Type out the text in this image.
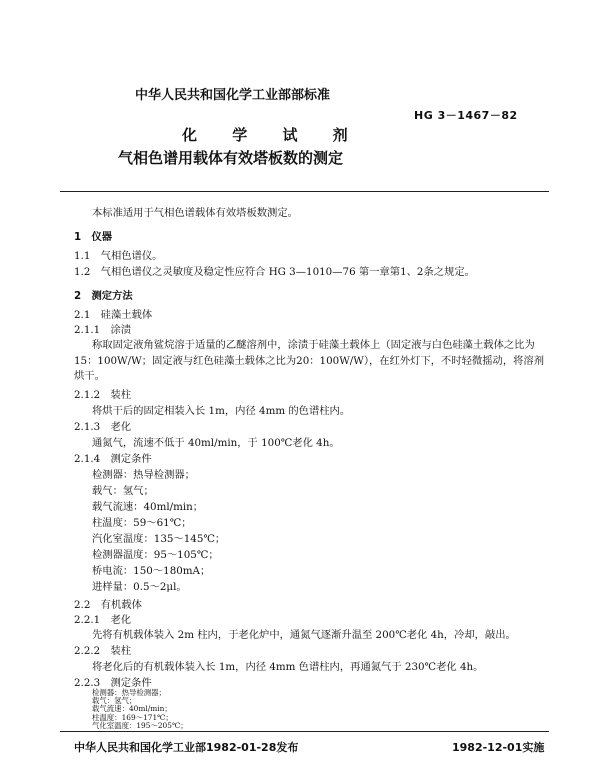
中华人民共和国化学工业部部标准
HG 3－1467－82
化 学 试 剂
气相色谱用载体有效塔板数的测定
本标准适用于气相色谱载体有效塔板数测定。
1　仪器
1.1　气相色谱仪。
1.2　气相色谱仪之灵敏度及稳定性应符合 HG 3—1010—76 第一章第1、2条之规定。
2　测定方法
2.1　硅藻土载体
2.1.1　涂渍
称取固定液角鲨烷溶于适量的乙醚溶剂中，涂渍于硅藻土载体上（固定液与白色硅藻土载体之比为15：100W/W；固定液与红色硅藻土载体之比为20：100W/W），在红外灯下，不时轻微摇动，将溶剂烘干。
2.1.2　装柱
将烘干后的固定相装入长 1m，内径 4mm 的色谱柱内。
2.1.3　老化
通氮气，流速不低于 40ml/min，于 100℃老化 4h。
2.1.4　测定条件
检测器：热导检测器；
载气：氢气；
载气流速：40ml/min；
柱温度：59～61℃；
汽化室温度：135～145℃；
检测器温度：95～105℃；
桥电流：150～180mA；
进样量：0.5～2μl。
2.2　有机载体
2.2.1　老化
先将有机载体装入 2m 柱内，于老化炉中，通氮气逐渐升温至 200℃老化 4h，冷却，敲出。
2.2.2　装柱
将老化后的有机载体装入长 1m，内径 4mm 色谱柱内，再通氮气于 230℃老化 4h。
2.2.3　测定条件
中华人民共和国化学工业部1982-01-28发布	1982-12-01实施
检测器：热导检测器；
载气：氢气；
载气流速：40ml/min；
柱温度：169～171℃；
气化室温度：195～205℃；
